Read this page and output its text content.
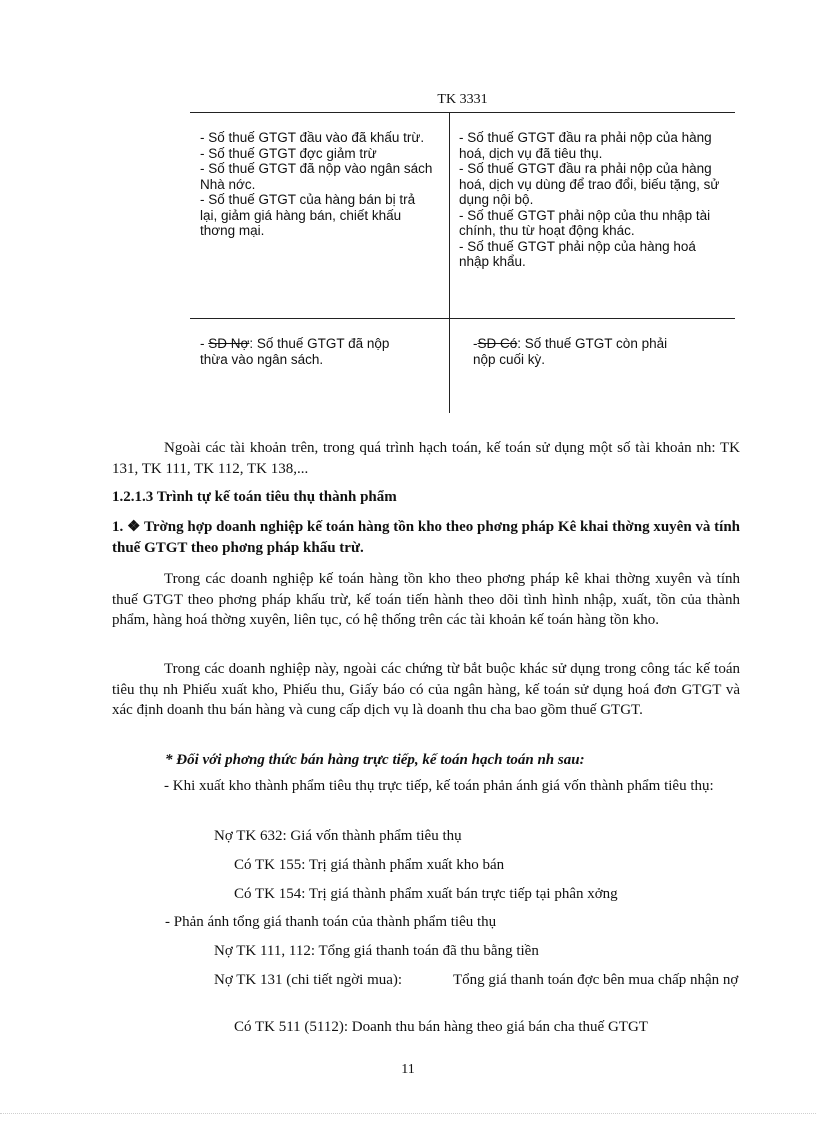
TK 3331
- Số thuế GTGT đầu vào đã khấu trừ.
- Số thuế GTGT đợc giảm trừ
- Số thuế GTGT đã nộp vào ngân sách Nhà nớc.
- Số thuế GTGT của hàng bán bị trả lại, giảm giá hàng bán, chiết khấu thơng mại.
- Số thuế GTGT đầu ra phải nộp của hàng hoá, dịch vụ đã tiêu thụ.
- Số thuế GTGT đầu ra phải nộp của hàng hoá, dịch vụ dùng để trao đổi, biếu tặng, sử dụng nội bộ.
- Số thuế GTGT phải nộp của thu nhập tài chính, thu từ hoạt động khác.
- Số thuế GTGT phải nộp của hàng hoá nhập khẩu.
- SD Nợ: Số thuế GTGT đã nộp thừa vào ngân sách.
-SD Có: Số thuế GTGT còn phải nộp cuối kỳ.
Ngoài các tài khoản trên, trong quá trình hạch toán, kế toán sử dụng một số tài khoản nh: TK 131, TK 111, TK 112, TK 138,...
1.2.1.3 Trình tự kế toán tiêu thụ thành phẩm
1. ❖ Trờng hợp doanh nghiệp kế toán hàng tồn kho theo phơng pháp Kê khai thờng xuyên và tính thuế GTGT theo phơng pháp khấu trừ.
Trong các doanh nghiệp kế toán hàng tồn kho theo phơng pháp kê khai thờng xuyên và tính thuế GTGT theo phơng pháp khấu trừ, kế toán tiến hành theo dõi tình hình nhập, xuất, tồn của thành phẩm, hàng hoá thờng xuyên, liên tục, có hệ thống trên các tài khoản kế toán hàng tồn kho.
Trong các doanh nghiệp này, ngoài các chứng từ bắt buộc khác sử dụng trong công tác kế toán tiêu thụ nh Phiếu xuất kho, Phiếu thu, Giấy báo có của ngân hàng, kế toán sử dụng hoá đơn GTGT và xác định doanh thu bán hàng và cung cấp dịch vụ là doanh thu cha bao gồm thuế GTGT.
* Đối với phơng thức bán hàng trực tiếp, kế toán hạch toán nh sau:
- Khi xuất kho thành phẩm tiêu thụ trực tiếp, kế toán phản ánh giá vốn thành phẩm tiêu thụ:
Nợ TK 632: Giá vốn thành phẩm tiêu thụ
Có TK 155: Trị giá thành phẩm xuất kho bán
Có TK 154: Trị giá thành phẩm xuất bán trực tiếp tại phân xởng
- Phản ánh tổng giá thanh toán của thành phẩm tiêu thụ
Nợ TK 111, 112: Tổng giá thanh toán đã thu bằng tiền
Nợ TK 131 (chi tiết ngời mua):	Tổng giá thanh toán đợc bên mua chấp nhận nợ
Có TK 511 (5112): Doanh thu bán hàng theo giá bán cha thuế GTGT
11
